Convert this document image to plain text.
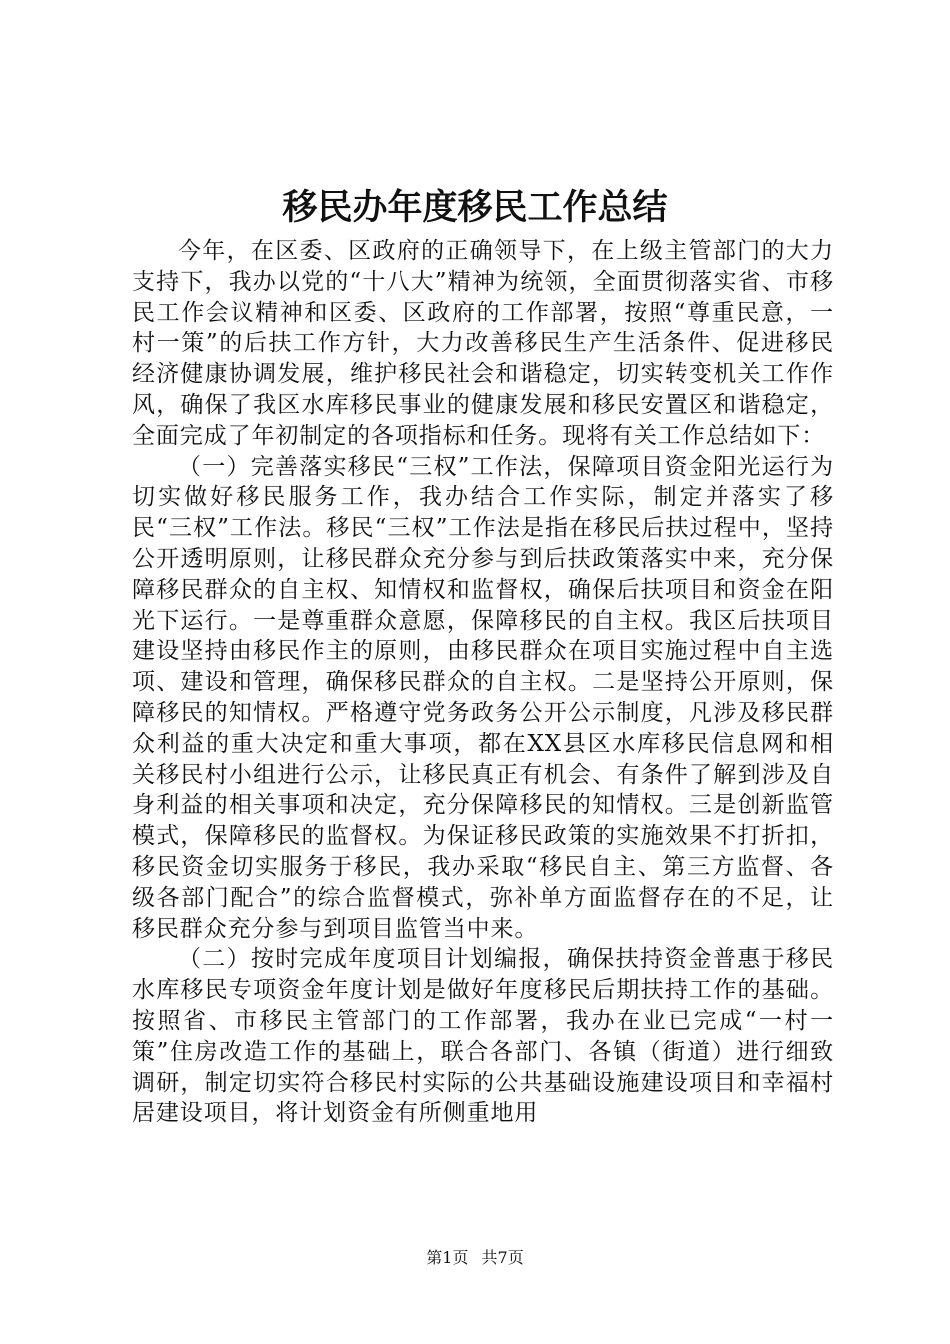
移民办年度移民工作总结

今年，在区委、区政府的正确领导下，在上级主管部门的大力支持下，我办以党的“十八大”精神为统领，全面贯彻落实省、市移民工作会议精神和区委、区政府的工作部署，按照“尊重民意，一村一策”的后扶工作方针，大力改善移民生产生活条件、促进移民经济健康协调发展，维护移民社会和谐稳定，切实转变机关工作作风，确保了我区水库移民事业的健康发展和移民安置区和谐稳定，全面完成了年初制定的各项指标和任务。现将有关工作总结如下：

（一）完善落实移民“三权”工作法，保障项目资金阳光运行为切实做好移民服务工作，我办结合工作实际，制定并落实了移民“三权”工作法。移民“三权”工作法是指在移民后扶过程中，坚持公开透明原则，让移民群众充分参与到后扶政策落实中来，充分保障移民群众的自主权、知情权和监督权，确保后扶项目和资金在阳光下运行。一是尊重群众意愿，保障移民的自主权。我区后扶项目建设坚持由移民作主的原则，由移民群众在项目实施过程中自主选项、建设和管理，确保移民群众的自主权。二是坚持公开原则，保障移民的知情权。严格遵守党务政务公开公示制度，凡涉及移民群众利益的重大决定和重大事项，都在XX县区水库移民信息网和相关移民村小组进行公示，让移民真正有机会、有条件了解到涉及自身利益的相关事项和决定，充分保障移民的知情权。三是创新监管模式，保障移民的监督权。为保证移民政策的实施效果不打折扣，移民资金切实服务于移民，我办采取“移民自主、第三方监督、各级各部门配合”的综合监督模式，弥补单方面监督存在的不足，让移民群众充分参与到项目监管当中来。

（二）按时完成年度项目计划编报，确保扶持资金普惠于移民水库移民专项资金年度计划是做好年度移民后期扶持工作的基础。按照省、市移民主管部门的工作部署，我办在业已完成“一村一策”住房改造工作的基础上，联合各部门、各镇（街道）进行细致调研，制定切实符合移民村实际的公共基础设施建设项目和幸福村居建设项目，将计划资金有所侧重地用

第1页 共7页
